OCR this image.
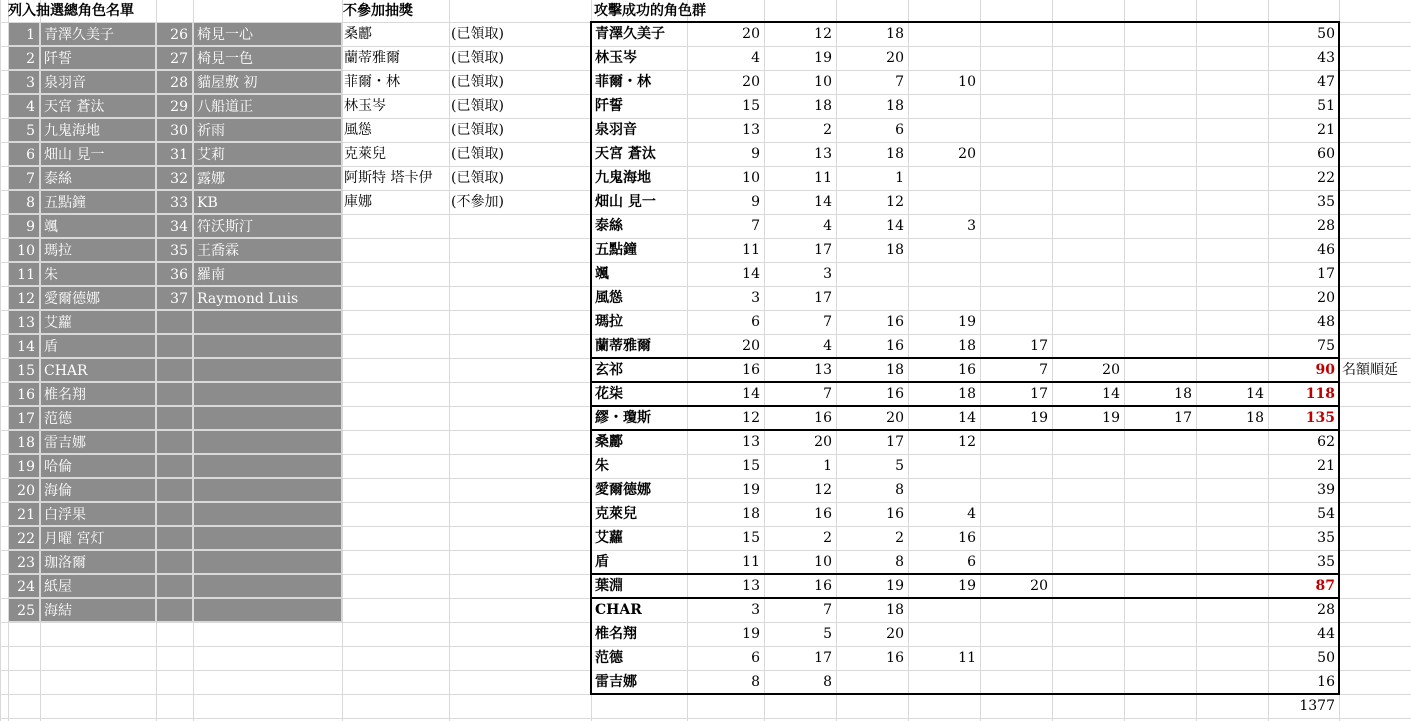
列入抽選總角色名單	不參加抽獎	攻擊成功的角色群
1 青澤久美子
2 阡誓
3 泉羽音
4 天宮 蒼汰
5 九鬼海地
6 畑山 見一
7 泰絲
8 五點鐘
9 颯
10 瑪拉
11 朱
12 愛爾德娜
13 艾蘿
14 盾
15 CHAR
16 椎名翔
17 范德
18 雷吉娜
19 哈倫
20 海倫
21 白浮果
22 月曜 宮灯
23 珈洛爾
24 紙屋
25 海結
26 椅見一心
27 椅見一色
28 貓屋敷 初
29 八船道正
30 祈雨
31 艾莉
32 露娜
33 KB
34 符沃斯汀
35 王喬霖
36 羅南
37 Raymond Luis
桑酈	(已領取)
蘭蒂雅爾	(已領取)
菲爾・林	(已領取)
林玉岑	(已領取)
風慫	(已領取)
克萊兒	(已領取)
阿斯特 塔卡伊	(已領取)
庫娜	(不參加)
青澤久美子	20	12	18	50
林玉岑	4	19	20	43
菲爾・林	20	10	7	10	47
阡誓	15	18	18	51
泉羽音	13	2	6	21
天宮 蒼汰	9	13	18	20	60
九鬼海地	10	11	1	22
畑山 見一	9	14	12	35
泰絲	7	4	14	3	28
五點鐘	11	17	18	46
颯	14	3	17
風慫	3	17	20
瑪拉	6	7	16	19	48
蘭蒂雅爾	20	4	16	18	17	75
玄祁	16	13	18	16	7	20	90 名額順延
花柒	14	7	16	18	17	14	18	14	118
繆・瓊斯	12	16	20	14	19	19	17	18	135
桑酈	13	20	17	12	62
朱	15	1	5	21
愛爾德娜	19	12	8	39
克萊兒	18	16	16	4	54
艾蘿	15	2	2	16	35
盾	11	10	8	6	35
葉淵	13	16	19	19	20	87
CHAR	3	7	18	28
椎名翔	19	5	20	44
范德	6	17	16	11	50
雷吉娜	8	8	16
1377
